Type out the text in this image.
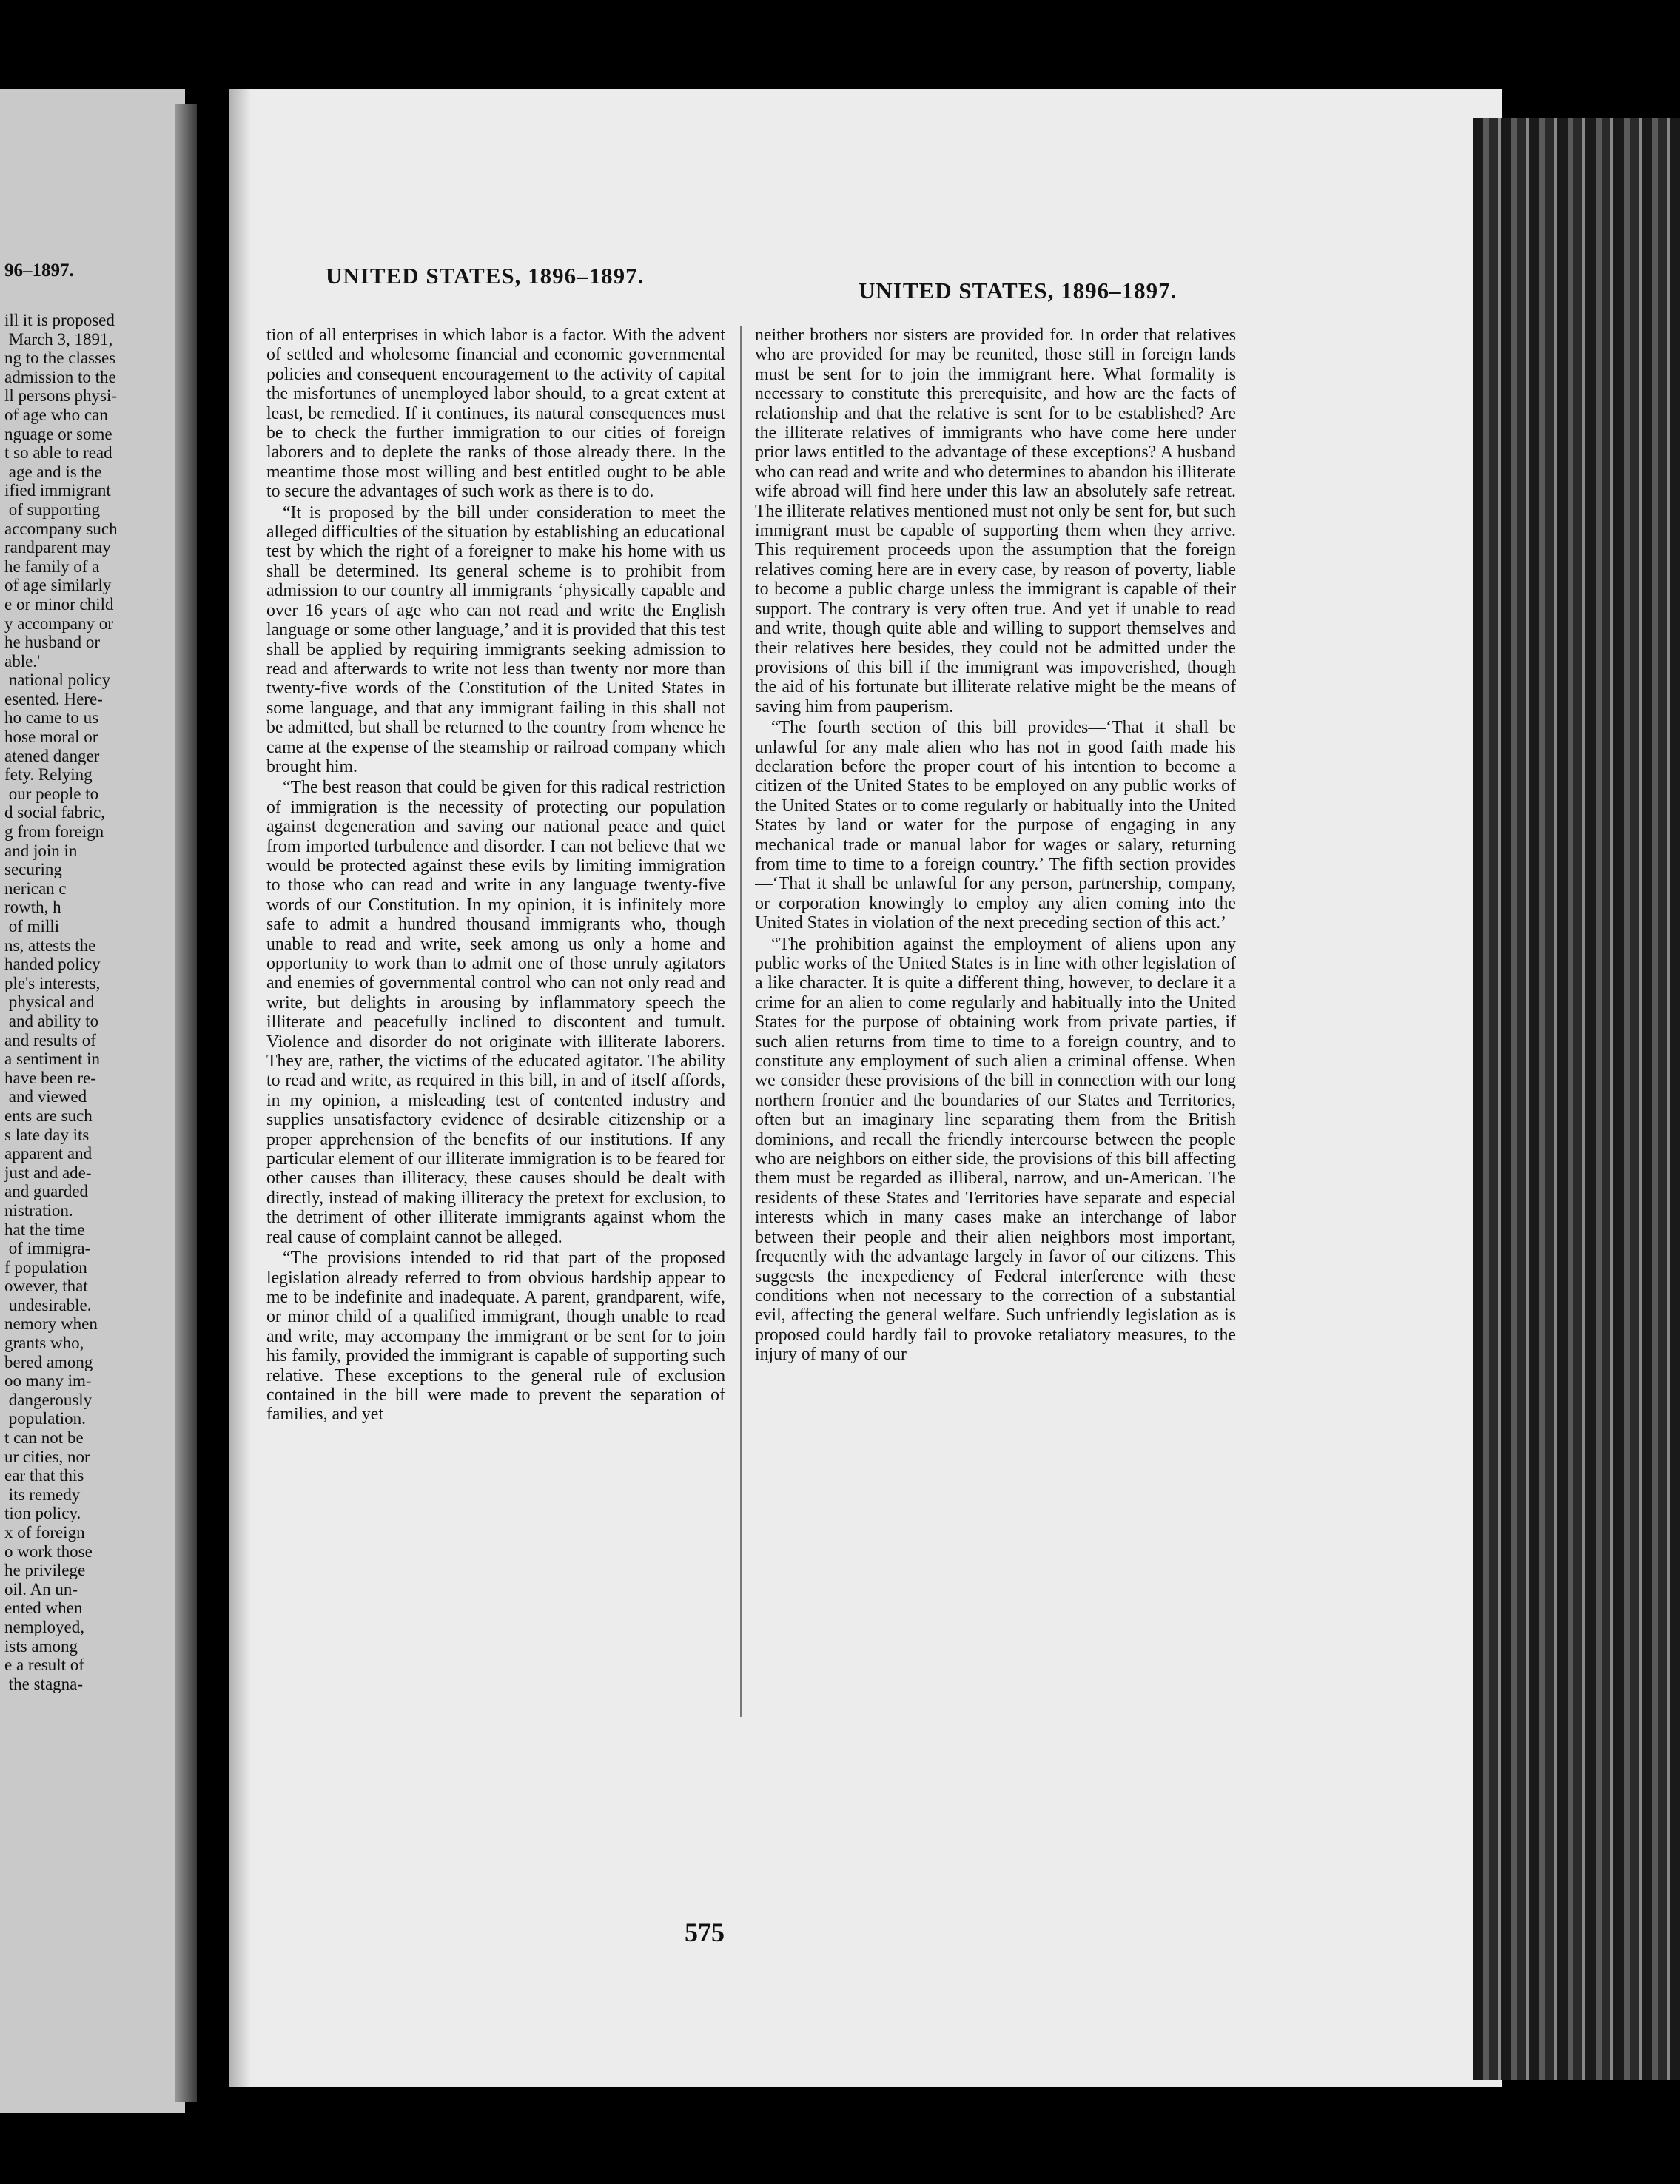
96–1897.
ill it is proposed
March 3, 1891,
ng to the classes
admission to the
ll persons physi-
of age who can
nguage or some
t so able to read
age and is the
ified immigrant
of supporting
accompany such
randparent may
he family of a
of age similarly
e or minor child
y accompany or
he husband or
able.'
national policy
esented. Here-
ho came to us
hose moral or
atened danger
fety. Relying
our people to
d social fabric,
g from foreign
and join in
securing
nerican c
rowth, h
of milli
ns, attests the
handed policy
ple's interests,
physical and
and ability to
and results of
a sentiment in
have been re-
and viewed
ents are such
s late day its
apparent and
just and ade-
and guarded
nistration.
hat the time
of immigra-
f population
owever, that
undesirable.
nemory when
grants who,
bered among
oo many im-
dangerously
population.
t can not be
ur cities, nor
ear that this
its remedy
tion policy.
x of foreign
o work those
he privilege
oil. An un-
ented when
nemployed,
ists among
e a result of
the stagna-
UNITED STATES, 1896–1897.
UNITED STATES, 1896–1897.

tion of all enterprises in which labor is a factor. With the advent of settled and wholesome financial and economic governmental policies and consequent encouragement to the activity of capital the misfortunes of unemployed labor should, to a great extent at least, be remedied. If it continues, its natural consequences must be to check the further immigration to our cities of foreign laborers and to deplete the ranks of those already there. In the meantime those most willing and best entitled ought to be able to secure the advantages of such work as there is to do.

“It is proposed by the bill under consideration to meet the alleged difficulties of the situation by establishing an educational test by which the right of a foreigner to make his home with us shall be determined. Its general scheme is to prohibit from admission to our country all immigrants ‘physically capable and over 16 years of age who can not read and write the English language or some other language,’ and it is provided that this test shall be applied by requiring immigrants seeking admission to read and afterwards to write not less than twenty nor more than twenty-five words of the Constitution of the United States in some language, and that any immigrant failing in this shall not be admitted, but shall be returned to the country from whence he came at the expense of the steamship or railroad company which brought him.

“The best reason that could be given for this radical restriction of immigration is the necessity of protecting our population against degeneration and saving our national peace and quiet from imported turbulence and disorder. I can not believe that we would be protected against these evils by limiting immigration to those who can read and write in any language twenty-five words of our Constitution. In my opinion, it is infinitely more safe to admit a hundred thousand immigrants who, though unable to read and write, seek among us only a home and opportunity to work than to admit one of those unruly agitators and enemies of governmental control who can not only read and write, but delights in arousing by inflammatory speech the illiterate and peacefully inclined to discontent and tumult. Violence and disorder do not originate with illiterate laborers. They are, rather, the victims of the educated agitator. The ability to read and write, as required in this bill, in and of itself affords, in my opinion, a misleading test of contented industry and supplies unsatisfactory evidence of desirable citizenship or a proper apprehension of the benefits of our institutions. If any particular element of our illiterate immigration is to be feared for other causes than illiteracy, these causes should be dealt with directly, instead of making illiteracy the pretext for exclusion, to the detriment of other illiterate immigrants against whom the real cause of complaint cannot be alleged.

“The provisions intended to rid that part of the proposed legislation already referred to from obvious hardship appear to me to be indefinite and inadequate. A parent, grandparent, wife, or minor child of a qualified immigrant, though unable to read and write, may accompany the immigrant or be sent for to join his family, provided the immigrant is capable of supporting such relative. These exceptions to the general rule of exclusion contained in the bill were made to prevent the separation of families, and yet

neither brothers nor sisters are provided for. In order that relatives who are provided for may be reunited, those still in foreign lands must be sent for to join the immigrant here. What formality is necessary to constitute this prerequisite, and how are the facts of relationship and that the relative is sent for to be established? Are the illiterate relatives of immigrants who have come here under prior laws entitled to the advantage of these exceptions? A husband who can read and write and who determines to abandon his illiterate wife abroad will find here under this law an absolutely safe retreat. The illiterate relatives mentioned must not only be sent for, but such immigrant must be capable of supporting them when they arrive. This requirement proceeds upon the assumption that the foreign relatives coming here are in every case, by reason of poverty, liable to become a public charge unless the immigrant is capable of their support. The contrary is very often true. And yet if unable to read and write, though quite able and willing to support themselves and their relatives here besides, they could not be admitted under the provisions of this bill if the immigrant was impoverished, though the aid of his fortunate but illiterate relative might be the means of saving him from pauperism.

“The fourth section of this bill provides—‘That it shall be unlawful for any male alien who has not in good faith made his declaration before the proper court of his intention to become a citizen of the United States to be employed on any public works of the United States or to come regularly or habitually into the United States by land or water for the purpose of engaging in any mechanical trade or manual labor for wages or salary, returning from time to time to a foreign country.’ The fifth section provides—‘That it shall be unlawful for any person, partnership, company, or corporation knowingly to employ any alien coming into the United States in violation of the next preceding section of this act.’

“The prohibition against the employment of aliens upon any public works of the United States is in line with other legislation of a like character. It is quite a different thing, however, to declare it a crime for an alien to come regularly and habitually into the United States for the purpose of obtaining work from private parties, if such alien returns from time to time to a foreign country, and to constitute any employment of such alien a criminal offense. When we consider these provisions of the bill in connection with our long northern frontier and the boundaries of our States and Territories, often but an imaginary line separating them from the British dominions, and recall the friendly intercourse between the people who are neighbors on either side, the provisions of this bill affecting them must be regarded as illiberal, narrow, and un-American. The residents of these States and Territories have separate and especial interests which in many cases make an interchange of labor between their people and their alien neighbors most important, frequently with the advantage largely in favor of our citizens. This suggests the inexpediency of Federal interference with these conditions when not necessary to the correction of a substantial evil, affecting the general welfare. Such unfriendly legislation as is proposed could hardly fail to provoke retaliatory measures, to the injury of many of our

575
